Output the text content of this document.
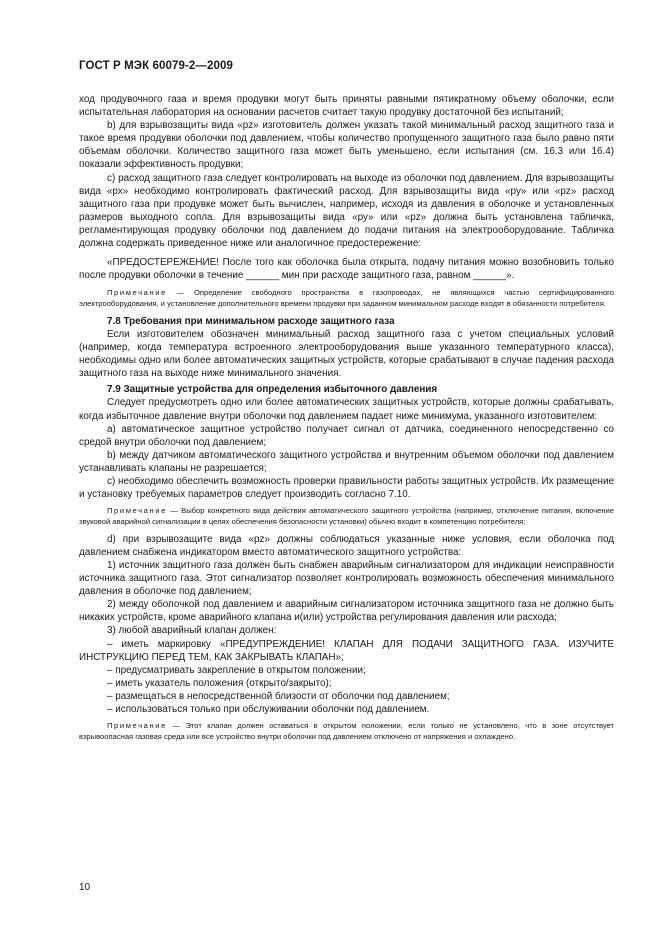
ГОСТ Р МЭК 60079-2—2009

ход продувочного газа и время продувки могут быть приняты равными пятикратному объему оболочки, если испытательная лаборатория на основании расчетов считает такую продувку достаточной без испытаний;

b) для взрывозащиты вида «pz» изготовитель должен указать такой минимальный расход защитного газа и такое время продувки оболочки под давлением, чтобы количество пропущенного защитного газа было равно пяти объемам оболочки. Количество защитного газа может быть уменьшено, если испытания (см. 16.3 или 16.4) показали эффективность продувки;

c) расход защитного газа следует контролировать на выходе из оболочки под давлением. Для взрывозащиты вида «px» необходимо контролировать фактический расход. Для взрывозащиты вида «py» или «pz» расход защитного газа при продувке может быть вычислен, например, исходя из давления в оболочке и установленных размеров выходного сопла. Для взрывозащиты вида «py» или «pz» должна быть установлена табличка, регламентирующая продувку оболочки под давлением до подачи питания на электрооборудование. Табличка должна содержать приведенное ниже или аналогичное предостережение:

«ПРЕДОСТЕРЕЖЕНИЕ! После того как оболочка была открыта, подачу питания можно возобновить только после продувки оболочки в течение ______ мин при расходе защитного газа, равном ______».

Примечание — Определение свободного пространства в газопроводах, не являющихся частью сертифицированного электрооборудования, и установление дополнительного времени продувки при заданном минимальном расходе входят в обязанности потребителя.

7.8 Требования при минимальном расходе защитного газа

Если изготовителем обозначен минимальный расход защитного газа с учетом специальных условий (например, когда температура встроенного электрооборудования выше указанного температурного класса), необходимы одно или более автоматических защитных устройств, которые срабатывают в случае падения расхода защитного газа на выходе ниже минимального значения.

7.9 Защитные устройства для определения избыточного давления

Следует предусмотреть одно или более автоматических защитных устройств, которые должны срабатывать, когда избыточное давление внутри оболочки под давлением падает ниже минимума, указанного изготовителем:

a) автоматическое защитное устройство получает сигнал от датчика, соединенного непосредственно со средой внутри оболочки под давлением;

b) между датчиком автоматического защитного устройства и внутренним объемом оболочки под давлением устанавливать клапаны не разрешается;

c) необходимо обеспечить возможность проверки правильности работы защитных устройств. Их размещение и установку требуемых параметров следует производить согласно 7.10.

Примечание — Выбор конкретного вида действия автоматического защитного устройства (например, отключение питания, включение звуковой аварийной сигнализации в целях обеспечения безопасности установки) обычно входит в компетенцию потребителя;

d) при взрывозащите вида «pz» должны соблюдаться указанные ниже условия, если оболочка под давлением снабжена индикатором вместо автоматического защитного устройства:

1) источник защитного газа должен быть снабжен аварийным сигнализатором для индикации неисправности источника защитного газа. Этот сигнализатор позволяет контролировать возможность обеспечения минимального давления в оболочке под давлением;

2) между оболочкой под давлением и аварийным сигнализатором источника защитного газа не должно быть никаких устройств, кроме аварийного клапана и(или) устройства регулирования давления или расхода;

3) любой аварийный клапан должен:

– иметь маркировку «ПРЕДУПРЕЖДЕНИЕ! КЛАПАН ДЛЯ ПОДАЧИ ЗАЩИТНОГО ГАЗА. ИЗУЧИТЕ ИНСТРУКЦИЮ ПЕРЕД ТЕМ, КАК ЗАКРЫВАТЬ КЛАПАН»;

– предусматривать закрепление в открытом положении;

– иметь указатель положения (открыто/закрыто);

– размещаться в непосредственной близости от оболочки под давлением;

– использоваться только при обслуживании оболочки под давлением.

Примечание — Этот клапан должен оставаться в открытом положении, если только не установлено, что в зоне отсутствует взрывоопасная газовая среда или все устройство внутри оболочки под давлением отключено от напряжения и охлаждено.

10
